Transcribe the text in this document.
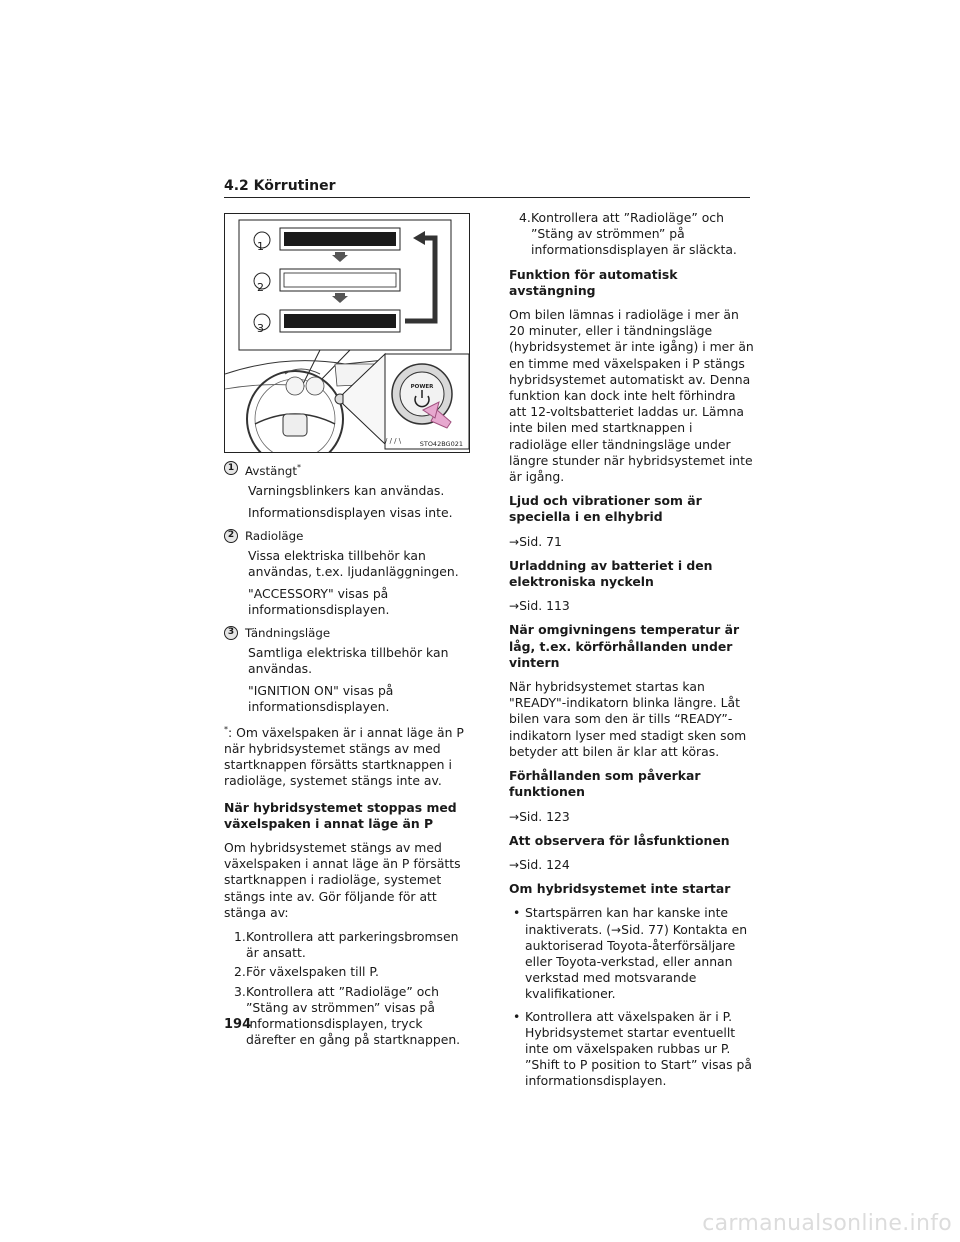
4.2 Körrutiner
POWER
/ / / \	STO42BG021
1
2
3
1 Avstängt*

Varningsblinkers kan användas.

Informationsdisplayen visas inte.

2 Radioläge

Vissa elektriska tillbehör kan användas, t.ex. ljudanläggningen.

"ACCESSORY" visas på informationsdisplayen.

3 Tändningsläge

Samtliga elektriska tillbehör kan användas.

"IGNITION ON" visas på informationsdisplayen.

*: Om växelspaken är i annat läge än P när hybridsystemet stängs av med startknappen försätts startknappen i radioläge, systemet stängs inte av.

När hybridsystemet stoppas med växelspaken i annat läge än P

Om hybridsystemet stängs av med växelspaken i annat läge än P försätts startknappen i radioläge, systemet stängs inte av. Gör följande för att stänga av:

1. Kontrollera att parkeringsbromsen är ansatt.
2. För växelspaken till P.
3. Kontrollera att ”Radioläge” och ”Stäng av strömmen” visas på informationsdisplayen, tryck därefter en gång på startknappen.
4. Kontrollera att ”Radioläge” och ”Stäng av strömmen” på informationsdisplayen är släckta.

Funktion för automatisk avstängning

Om bilen lämnas i radioläge i mer än 20 minuter, eller i tändningsläge (hybridsystemet är inte igång) i mer än en timme med växelspaken i P stängs hybridsystemet automatiskt av. Denna funktion kan dock inte helt förhindra att 12-voltsbatteriet laddas ur. Lämna inte bilen med startknappen i radioläge eller tändningsläge under längre stunder när hybridsystemet inte är igång.

Ljud och vibrationer som är speciella i en elhybrid

→Sid. 71

Urladdning av batteriet i den elektroniska nyckeln

→Sid. 113

När omgivningens temperatur är låg, t.ex. körförhållanden under vintern

När hybridsystemet startas kan "READY"-indikatorn blinka längre. Låt bilen vara som den är tills “READY”-indikatorn lyser med stadigt sken som betyder att bilen är klar att köras.

Förhållanden som påverkar funktionen

→Sid. 123

Att observera för låsfunktionen

→Sid. 124

Om hybridsystemet inte startar

• Startspärren kan har kanske inte inaktiverats. (→Sid. 77) Kontakta en auktoriserad Toyota-återförsäljare eller Toyota-verkstad, eller annan verkstad med motsvarande kvalifikationer.
• Kontrollera att växelspaken är i P. Hybridsystemet startar eventuellt inte om växelspaken rubbas ur P. ”Shift to P position to Start” visas på informationsdisplayen.
194
carmanualsonline.info
